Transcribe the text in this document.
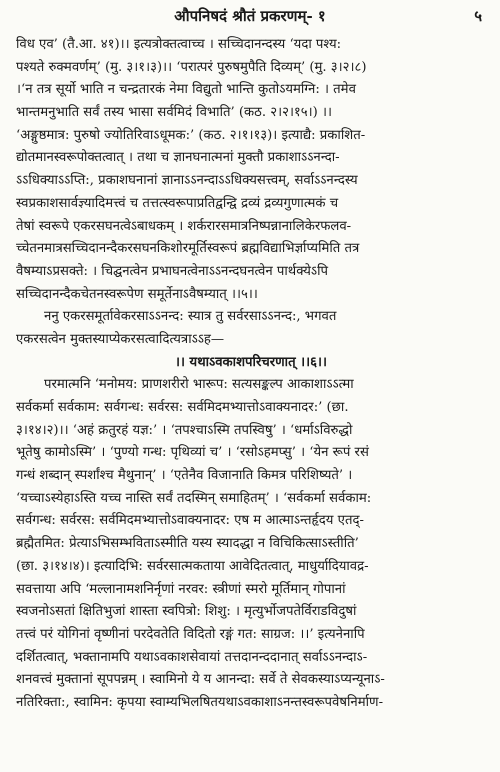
औपनिषदं श्रौतं प्रकरणम्- १	५
विध एव’ (तै.आ. ४१)।। इत्यत्रोक्तत्वाच्च । सच्चिदानन्दस्य ‘यदा पश्य:
पश्यते रुक्मवर्णम्’ (मु. ३।१।३)।। ‘परात्परं पुरुषमुपैति दिव्यम्’ (मु. ३।२।८)
।‘न तत्र सूर्यो भाति न चन्द्रतारकं नेमा विद्युतो भान्ति कुतोऽयमग्नि: । तमेव
भान्तमनुभाति सर्वं तस्य भासा सर्वमिदं विभाति’ (कठ. २।२।१५।) ।।
‘अङ्गुष्ठमात्र: पुरुषो ज्योतिरिवाऽधूमक:’ (कठ. २।१।१३)। इत्याद्यै: प्रकाशित-
द्योतमानस्वरूपोक्तत्वात् । तथा च ज्ञानघनात्मनां मुक्तौ प्रकाशाऽऽनन्दा-
ऽऽधिक्याऽऽप्ति:, प्रकाशघनानां ज्ञानाऽऽनन्दाऽऽधिक्यसत्त्वम्, सर्वाऽऽनन्दस्य
स्वप्रकाशसार्वज्ञ्यादिमत्त्वं च तत्तत्स्वरूपाप्रतिद्वन्द्वि द्रव्यं द्रव्यगुणात्मकं च
तेषां स्वरूपे एकरसघनत्वेऽबाधकम् । शर्करारसमात्रनिष्पन्नानालिकेरफलव-
च्चेतनमात्रसच्चिदानन्दैकरसघनकिशोरमूर्तिस्वरूपं ब्रह्मविद्याभिर्ज्ञाप्यमिति तत्र
वैषम्याऽप्रसक्ते: । चिद्घनत्वेन प्रभाघनत्वेनाऽऽनन्दघनत्वेन पार्थक्येऽपि
सच्चिदानन्दैकचेतनस्वरूपेण समूर्तेनाऽवैषम्यात् ।।५।।
ननु एकरसमूर्तावेकरसाऽऽनन्द: स्यात्र तु सर्वरसाऽऽनन्द:, भगवत
एकरसत्वेन मुक्तस्याप्येकरसत्वादित्यत्राऽऽह—
।। यथाऽवकाशपरिचरणात् ।।६।।
परमात्मनि ‘मनोमय: प्राणशरीरो भारूप: सत्यसङ्कल्प आकाशाऽऽत्मा
सर्वकर्मा सर्वकाम: सर्वगन्ध: सर्वरस: सर्वमिदमभ्यात्तोऽवाक्यनादर:’ (छा.
३।१४।२)।। ‘अहं क्रतुरहं यज्ञ:’ । ‘तपश्चाऽस्मि तपस्विषु’ । ‘धर्माऽविरुद्धो
भूतेषु कामोऽस्मि’ । ‘पुण्यो गन्ध: पृथिव्यां च’ । ‘रसोऽहमप्सु’ । ‘येन रूपं रसं
गन्धं शब्दान् स्पर्शांश्च मैथुनान्’ । ‘एतेनैव विजानाति किमत्र परिशिष्यते’ ।
‘यच्चाऽस्येहाऽस्ति यच्च नास्ति सर्वं तदस्मिन् समाहितम्’ । ‘सर्वकर्मा सर्वकाम:
सर्वगन्ध: सर्वरस: सर्वमिदमभ्यात्तोऽवाक्यनादर: एष म आत्माऽन्तर्हृदय एतद्-
ब्रह्मैतमित: प्रेत्याऽभिसम्भविताऽस्मीति यस्य स्यादद्धा न विचिकित्साऽस्तीति’
(छा. ३।१४।४)। इत्यादिभि: सर्वरसात्मकताया आवेदितत्वात्, माधुर्यादियावद्र-
सवत्ताया अपि ‘मल्लानामशनिर्नृणां नरवर: स्त्रीणां स्मरो मूर्तिमान् गोपानां
स्वजनोऽसतां क्षितिभुजां शास्ता स्वपित्रो: शिशु: । मृत्युर्भोजपतेर्विराडविदुषां
तत्त्वं परं योगिनां वृष्णीनां परदेवतेति विदितो रङ्गं गत: साग्रज: ।।’ इत्यनेनापि
दर्शितत्वात्, भक्तानामपि यथाऽवकाशसेवायां तत्तदानन्ददानात् सर्वाऽऽनन्दाऽ-
शनवत्त्वं मुक्तानां सूपपन्नम् । स्वामिनो ये य आनन्दा: सर्वे ते सेवकस्याऽप्यन्यूनाऽ-
नतिरिक्ता:, स्वामिन: कृपया स्वाम्यभिलषितयथाऽवकाशाऽनन्तस्वरूपवेषनिर्माण-
